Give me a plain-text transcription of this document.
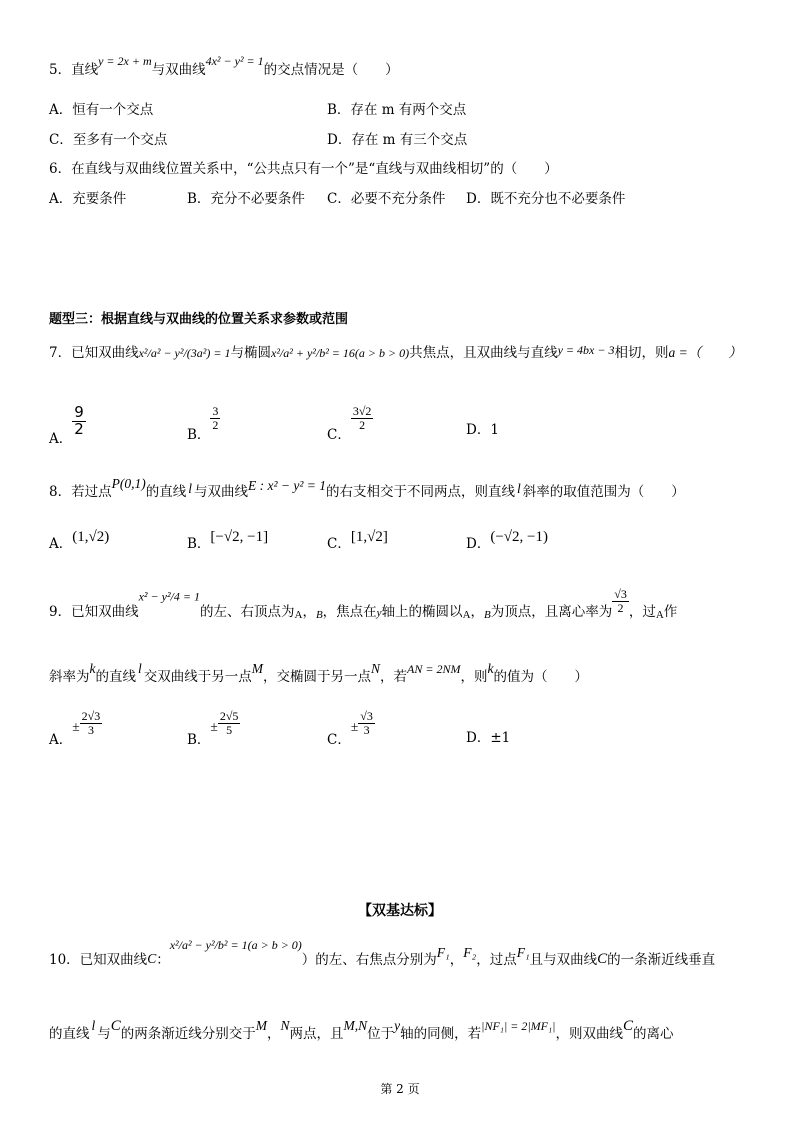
5．直线y = 2x + m与双曲线4x² − y² = 1的交点情况是（　　）
A．恒有一个交点	B．存在 m 有两个交点
C．至多有一个交点	D．存在 m 有三个交点
6．在直线与双曲线位置关系中，“公共点只有一个”是“直线与双曲线相切”的（　　）
A．充要条件	B．充分不必要条件 C．必要不充分条件 D．既不充分也不必要条件
题型三：根据直线与双曲线的位置关系求参数或范围
7．已知双曲线x²/a² − y²/(3a²) = 1与椭圆x²/a² + y²/b² = 16(a > b > 0)共焦点，且双曲线与直线y = 4bx − 3相切，则a =（　　）
A．
$\frac{9}{2}$	B．
$\frac{3}{2}$
C．
$\frac{3√2}{2}$	D．1
8．若过点P(0,1)的直线 l 与双曲线E : x² − y² = 1的右支相交于不同两点，则直线 l 斜率的取值范围为（　　）
A．(1,√2)	B．[−√2, −1]	C．[1,√2]	D．(−√2, −1)
9．已知双曲线x² − y²/4 = 1的左、右顶点为$_A$，$_B$，焦点在$_y$轴上的椭圆以$_A$，$_B$为顶点，且离心率为 $\frac{√3}{2}$ ，过$_A$作
斜率为k的直线l交双曲线于另一点M，交椭圆于另一点N，若AN = 2NM，则k的值为（　　）
A．± $\frac{2√3}{3}$
B．± $\frac{2√5}{5}$
C．± $\frac{√3}{3}$
D．±1
【双基达标】
10．已知双曲线C：x²/a² − y²/b² = 1(a > b > 0)）的左、右焦点分别为F₁，F₂，过点F₁且与双曲线C的一条渐近线垂直
的直线l与C的两条渐近线分别交于M，N两点，且M,N位于y轴的同侧，若|NF₁| = 2|MF₁|，则双曲线C的离心
第 2 页
